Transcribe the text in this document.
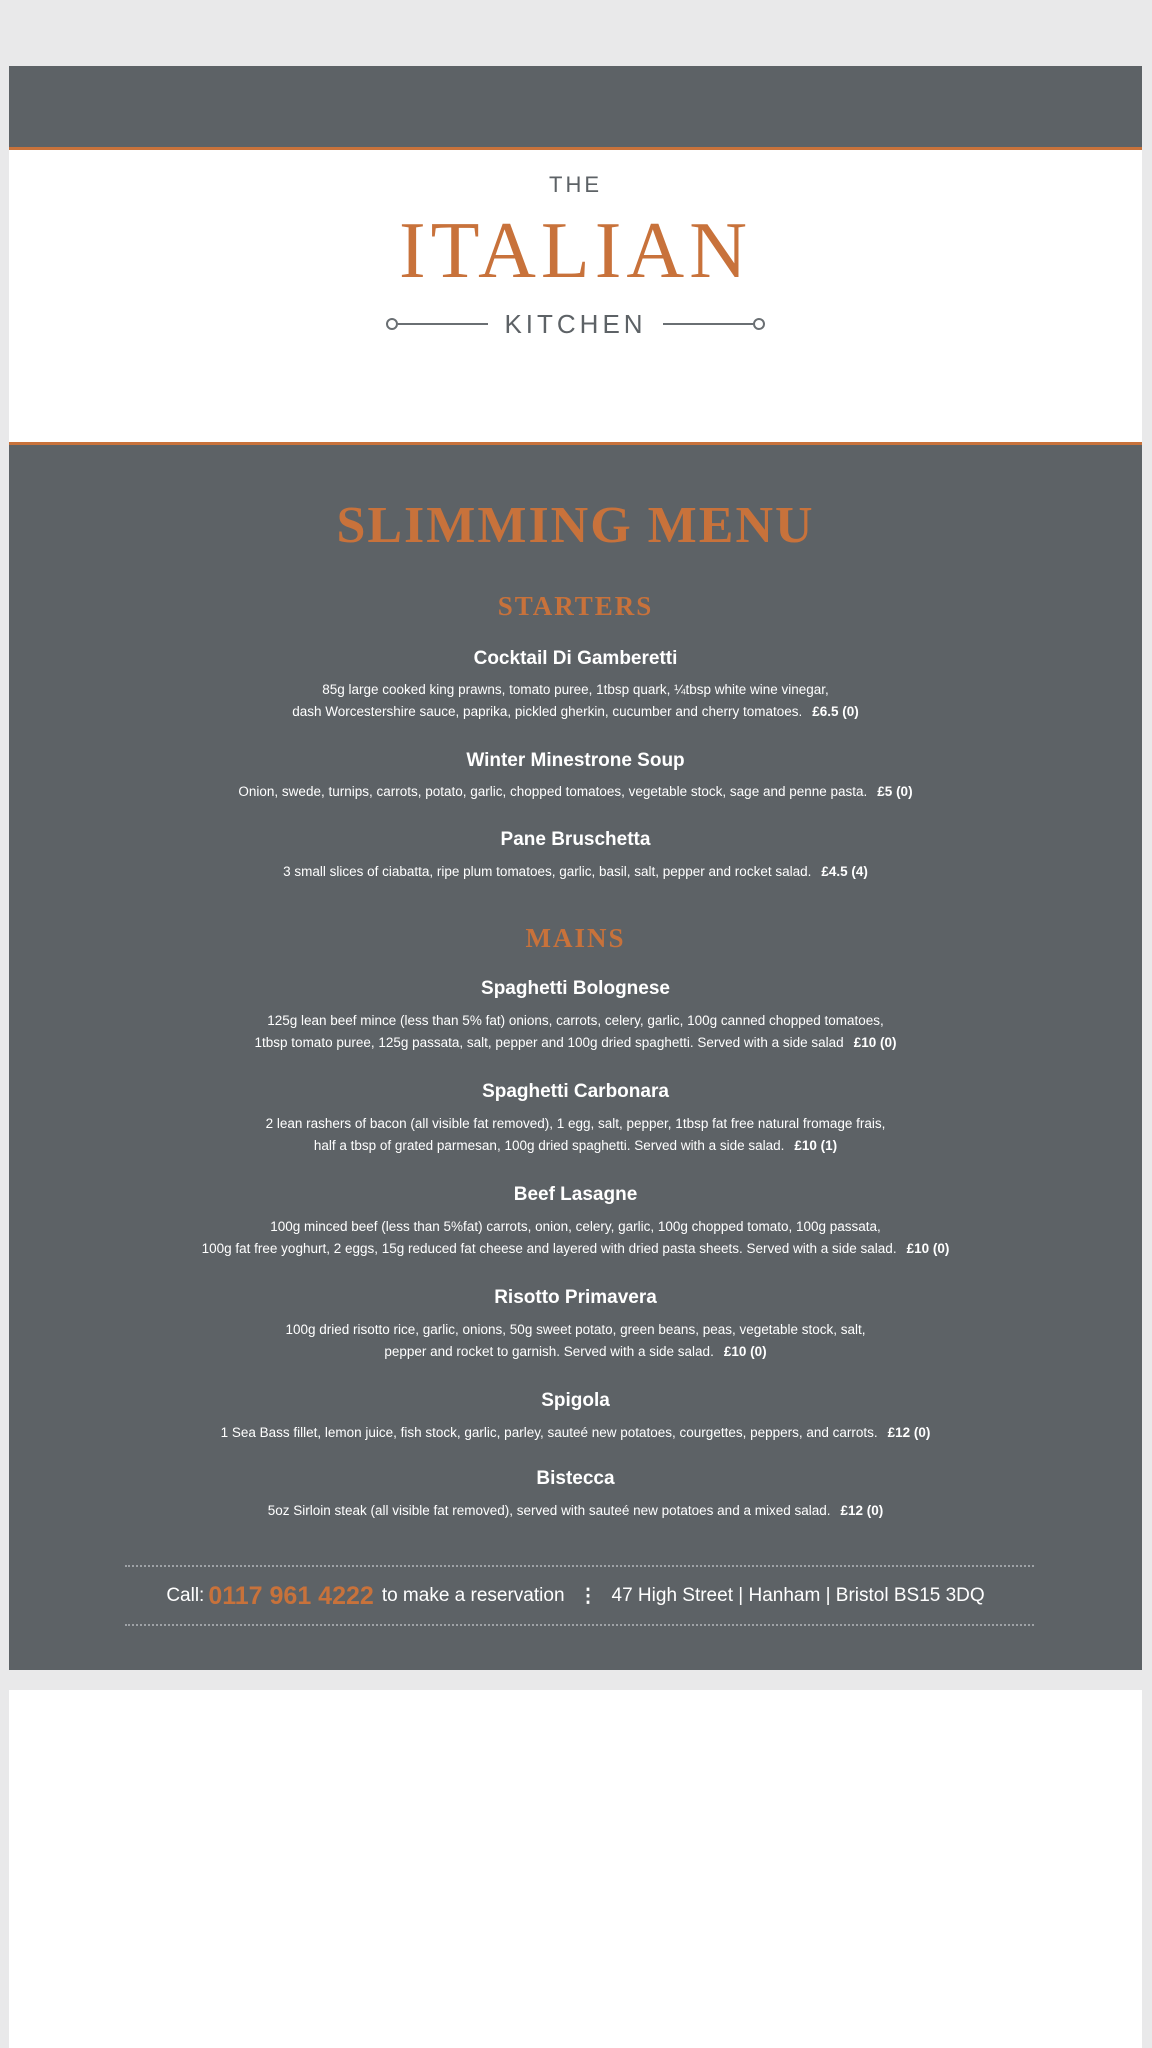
THE
ITALIAN
KITCHEN
SLIMMING MENU
STARTERS
Cocktail Di Gamberetti
85g large cooked king prawns, tomato puree, 1tbsp quark, ¼tbsp white wine vinegar,
dash Worcestershire sauce, paprika, pickled gherkin, cucumber and cherry tomatoes. £6.5 (0)
Winter Minestrone Soup
Onion, swede, turnips, carrots, potato, garlic, chopped tomatoes, vegetable stock, sage and penne pasta. £5 (0)
Pane Bruschetta
3 small slices of ciabatta, ripe plum tomatoes, garlic, basil, salt, pepper and rocket salad. £4.5 (4)
MAINS
Spaghetti Bolognese
125g lean beef mince (less than 5% fat) onions, carrots, celery, garlic, 100g canned chopped tomatoes,
1tbsp tomato puree, 125g passata, salt, pepper and 100g dried spaghetti. Served with a side salad £10 (0)
Spaghetti Carbonara
2 lean rashers of bacon (all visible fat removed), 1 egg, salt, pepper, 1tbsp fat free natural fromage frais,
half a tbsp of grated parmesan, 100g dried spaghetti. Served with a side salad. £10 (1)
Beef Lasagne
100g minced beef (less than 5%fat) carrots, onion, celery, garlic, 100g chopped tomato, 100g passata,
100g fat free yoghurt, 2 eggs, 15g reduced fat cheese and layered with dried pasta sheets. Served with a side salad. £10 (0)
Risotto Primavera
100g dried risotto rice, garlic, onions, 50g sweet potato, green beans, peas, vegetable stock, salt,
pepper and rocket to garnish. Served with a side salad. £10 (0)
Spigola
1 Sea Bass fillet, lemon juice, fish stock, garlic, parley, sauteé new potatoes, courgettes, peppers, and carrots. £12 (0)
Bistecca
5oz Sirloin steak (all visible fat removed), served with sauteé new potatoes and a mixed salad. £12 (0)
Call: 0117 961 4222 to make a reservation ⋮ 47 High Street | Hanham | Bristol BS15 3DQ
